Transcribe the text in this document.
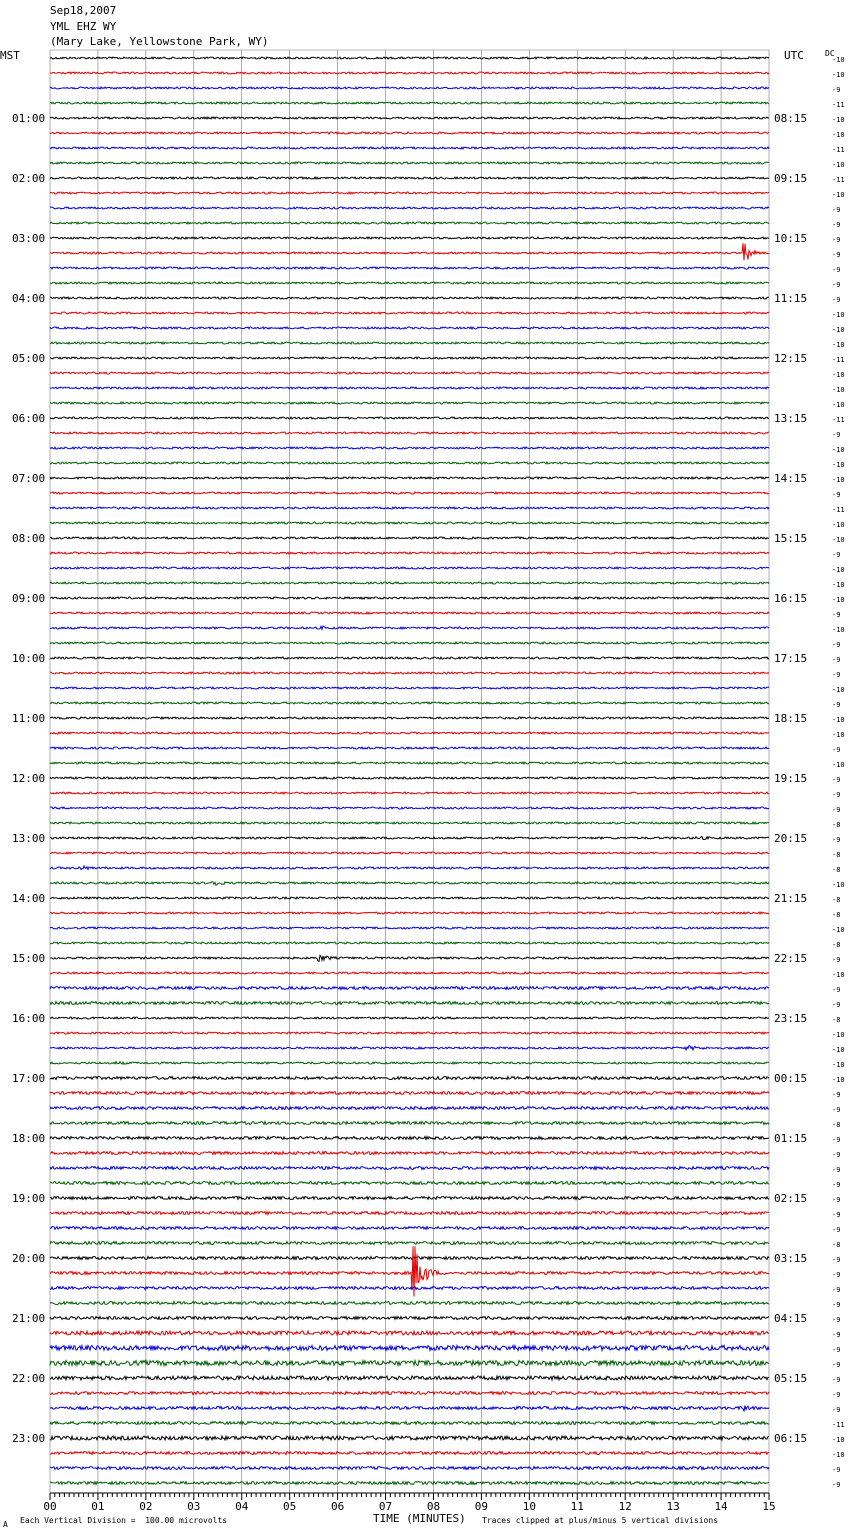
Sep18,2007
YML EHZ WY
(Mary Lake, Yellowstone Park, WY)
MST	UTC	DC
01:00
02:00
03:00
04:00
05:00
06:00
07:00
08:00
09:00
10:00
11:00
12:00
13:00
14:00
15:00
16:00
17:00
18:00
19:00
20:00
21:00
22:00
23:00
08:15
09:15
10:15
11:15
12:15
13:15
14:15
15:15
16:15
17:15
18:15
19:15
20:15
21:15
22:15
23:15
00:15
01:15
02:15
03:15
04:15
05:15
06:15
-10
-10
-9
-11
-10
-10
-11
-10
-11
-10
-9
-9
-9
-9
-9
-9
-9
-10
-10
-10
-11
-10
-10
-10
-11
-9
-10
-10
-10
-9
-11
-10
-10
-9
-10
-10
-10
-9
-10
-9
-9
-9
-10
-9
-10
-10
-9
-10
-9
-9
-9
-8
-9
-8
-8
-10
-8
-8
-10
-8
-9
-10
-9
-9
-8
-10
-10
-10
-10
-9
-9
-8
-9
-9
-9
-9
-9
-9
-9
-8
-9
-9
-9
-9
-9
-9
-9
-9
-9
-9
-9
-11
-10
-10
-9
-9
00	01	02	03	04	05	06	07	08	09	10	11	12	13	14	15
TIME (MINUTES)
Each Vertical Division =  100.00 microvolts	Traces clipped at plus/minus 5 vertical divisions
A
